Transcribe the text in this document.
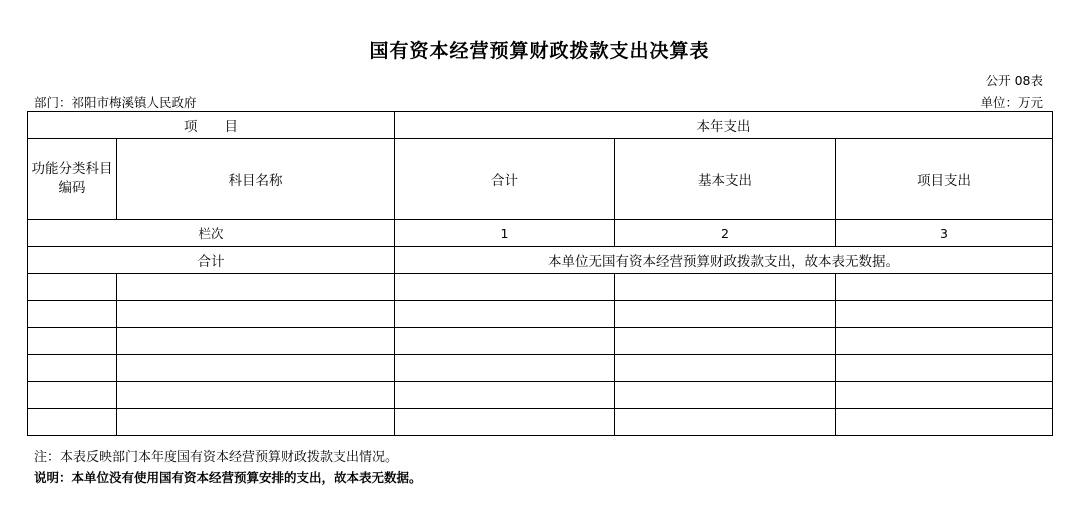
国有资本经营预算财政拨款支出决算表
公开 08表
部门：祁阳市梅溪镇人民政府	单位：万元
项　　目		本年支出		
功能分类科目编码	科目名称	合计	基本支出	项目支出
栏次		1	2	3
合计		本单位无国有资本经营预算财政拨款支出，故本表无数据。		

注：本表反映部门本年度国有资本经营预算财政拨款支出情况。
说明：本单位没有使用国有资本经营预算安排的支出，故本表无数据。
